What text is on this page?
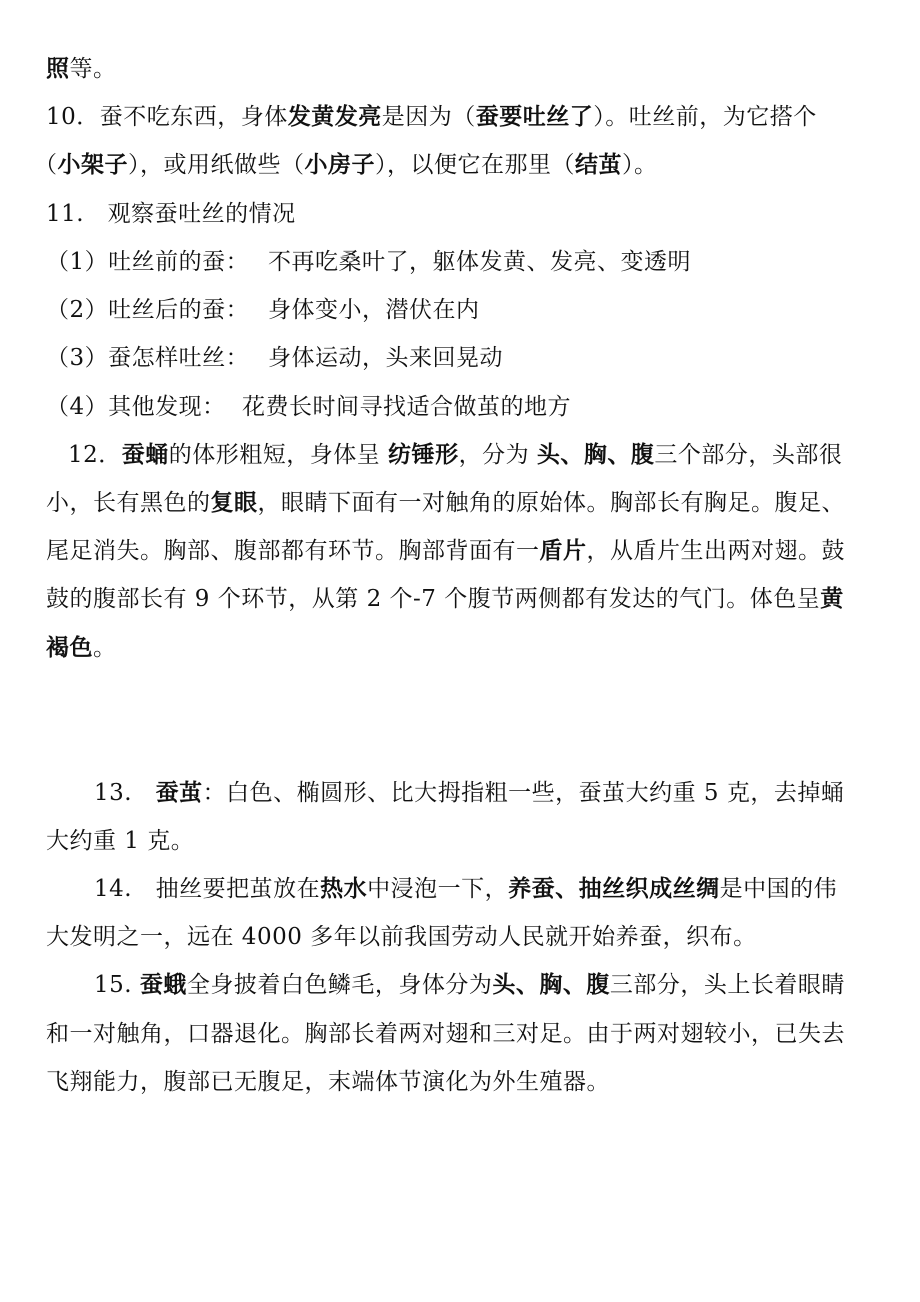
照等。
10．蚕不吃东西，身体发黄发亮是因为（蚕要吐丝了）。吐丝前，为它搭个
（小架子），或用纸做些（小房子），以便它在那里（结茧）。
11.　观察蚕吐丝的情况
（1）吐丝前的蚕： 不再吃桑叶了，躯体发黄、发亮、变透明
（2）吐丝后的蚕： 身体变小，潜伏在内
（3）蚕怎样吐丝： 身体运动，头来回晃动
（4）其他发现： 花费长时间寻找适合做茧的地方
12．蚕蛹的体形粗短，身体呈 纺锤形，分为 头、胸、腹三个部分，头部很
小，长有黑色的复眼，眼睛下面有一对触角的原始体。胸部长有胸足。腹足、
尾足消失。胸部、腹部都有环节。胸部背面有一盾片，从盾片生出两对翅。鼓
鼓的腹部长有 9 个环节，从第 2 个-7 个腹节两侧都有发达的气门。体色呈黄
褐色。
13.　蚕茧：白色、椭圆形、比大拇指粗一些，蚕茧大约重 5 克，去掉蛹
大约重 1 克。
14.　抽丝要把茧放在热水中浸泡一下，养蚕、抽丝织成丝绸是中国的伟
大发明之一，远在 4000 多年以前我国劳动人民就开始养蚕，织布。
15. 蚕蛾全身披着白色鳞毛，身体分为头、胸、腹三部分，头上长着眼睛
和一对触角，口器退化。胸部长着两对翅和三对足。由于两对翅较小，已失去
飞翔能力，腹部已无腹足，末端体节演化为外生殖器。
